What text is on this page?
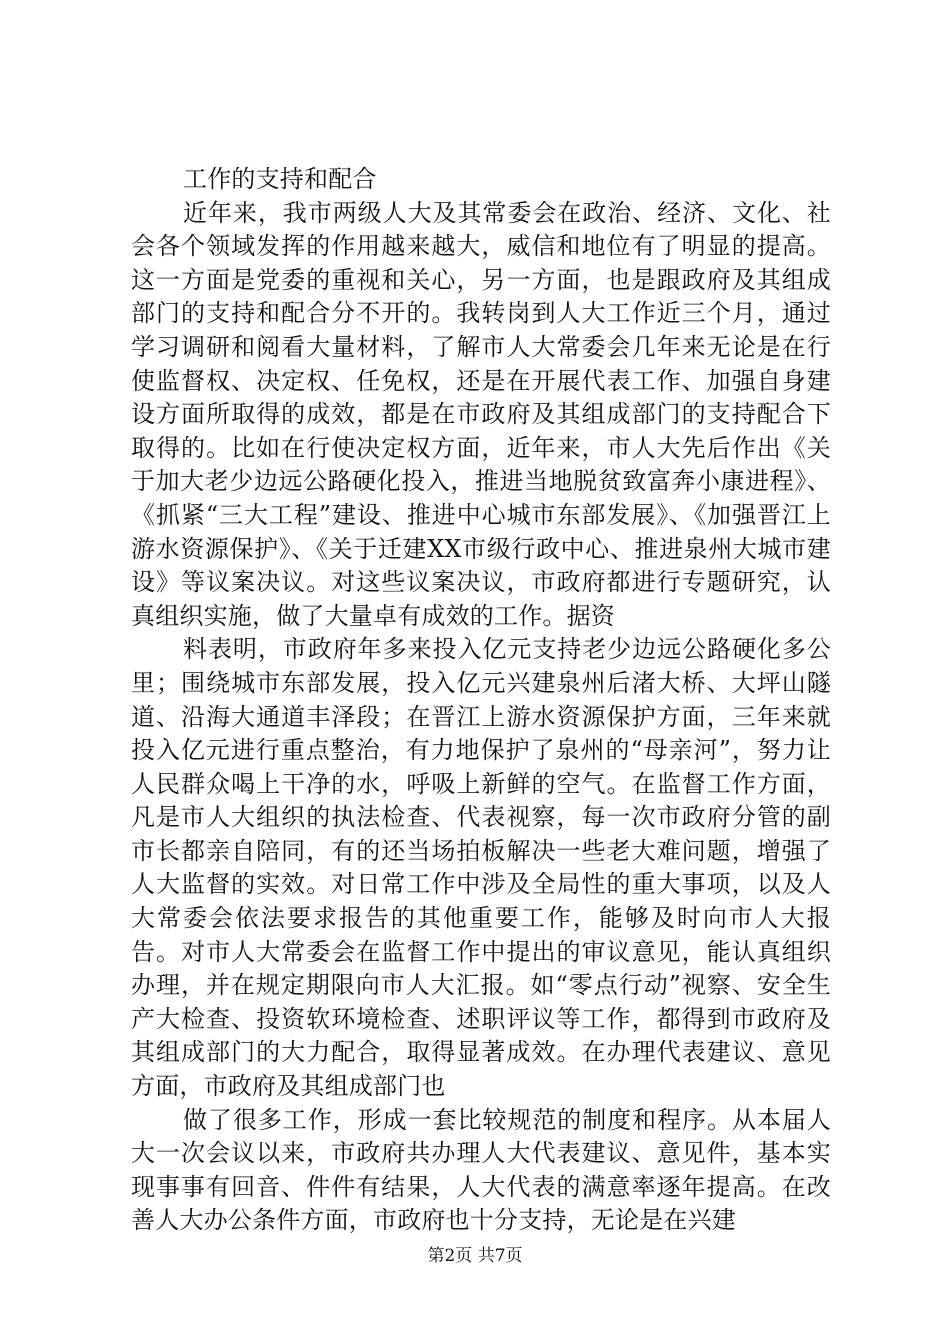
工作的支持和配合

近年来，我市两级人大及其常委会在政治、经济、文化、社会各个领域发挥的作用越来越大，威信和地位有了明显的提高。这一方面是党委的重视和关心，另一方面，也是跟政府及其组成部门的支持和配合分不开的。我转岗到人大工作近三个月，通过学习调研和阅看大量材料，了解市人大常委会几年来无论是在行使监督权、决定权、任免权，还是在开展代表工作、加强自身建设方面所取得的成效，都是在市政府及其组成部门的支持配合下取得的。比如在行使决定权方面，近年来，市人大先后作出《关于加大老少边远公路硬化投入，推进当地脱贫致富奔小康进程》、《抓紧“三大工程”建设、推进中心城市东部发展》、《加强晋江上游水资源保护》、《关于迁建XX市级行政中心、推进泉州大城市建设》等议案决议。对这些议案决议，市政府都进行专题研究，认真组织实施，做了大量卓有成效的工作。据资

料表明，市政府年多来投入亿元支持老少边远公路硬化多公里；围绕城市东部发展，投入亿元兴建泉州后渚大桥、大坪山隧道、沿海大通道丰泽段；在晋江上游水资源保护方面，三年来就投入亿元进行重点整治，有力地保护了泉州的“母亲河”，努力让人民群众喝上干净的水，呼吸上新鲜的空气。在监督工作方面，凡是市人大组织的执法检查、代表视察，每一次市政府分管的副市长都亲自陪同，有的还当场拍板解决一些老大难问题，增强了人大监督的实效。对日常工作中涉及全局性的重大事项，以及人大常委会依法要求报告的其他重要工作，能够及时向市人大报告。对市人大常委会在监督工作中提出的审议意见，能认真组织办理，并在规定期限向市人大汇报。如“零点行动”视察、安全生产大检查、投资软环境检查、述职评议等工作，都得到市政府及其组成部门的大力配合，取得显著成效。在办理代表建议、意见方面，市政府及其组成部门也

做了很多工作，形成一套比较规范的制度和程序。从本届人大一次会议以来，市政府共办理人大代表建议、意见件，基本实现事事有回音、件件有结果，人大代表的满意率逐年提高。在改善人大办公条件方面，市政府也十分支持，无论是在兴建

第2页 共7页
